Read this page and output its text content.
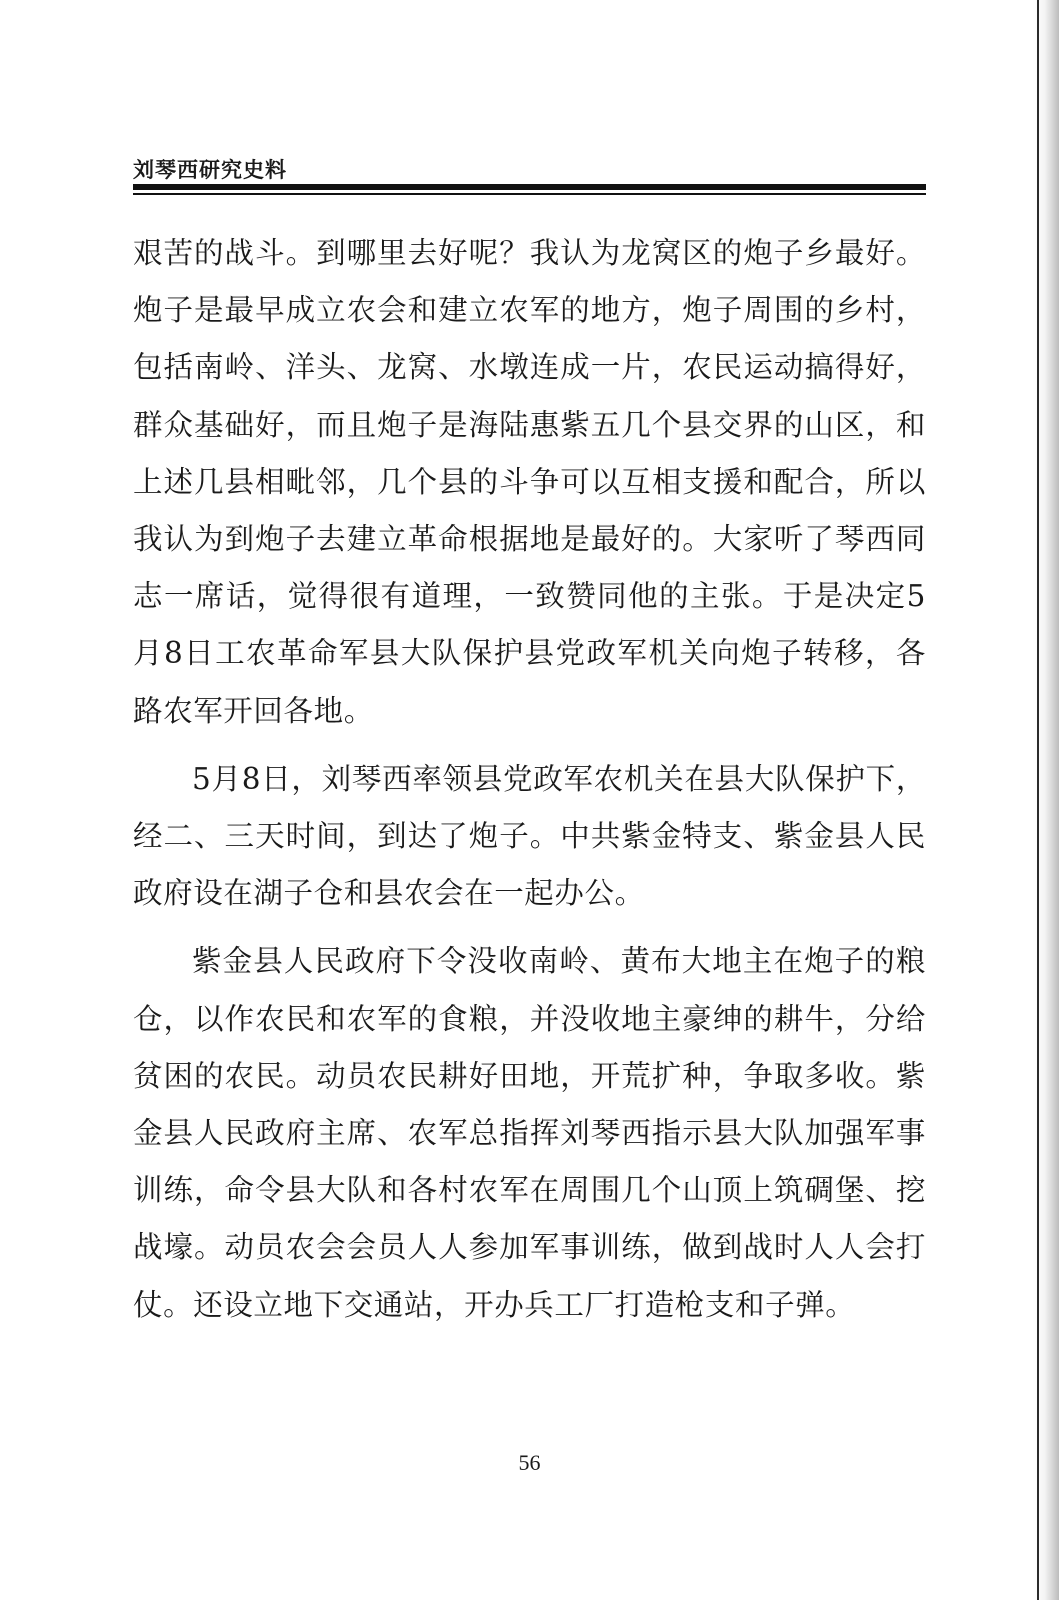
刘琴西研究史料

艰苦的战斗。到哪里去好呢？我认为龙窝区的炮子乡最好。炮子是最早成立农会和建立农军的地方，炮子周围的乡村，包括南岭、洋头、龙窝、水墩连成一片，农民运动搞得好，群众基础好，而且炮子是海陆惠紫五几个县交界的山区，和上述几县相毗邻，几个县的斗争可以互相支援和配合，所以我认为到炮子去建立革命根据地是最好的。大家听了琴西同志一席话，觉得很有道理，一致赞同他的主张。于是决定5月8日工农革命军县大队保护县党政军机关向炮子转移，各路农军开回各地。

5月8日，刘琴西率领县党政军农机关在县大队保护下，经二、三天时间，到达了炮子。中共紫金特支、紫金县人民政府设在湖子仓和县农会在一起办公。

紫金县人民政府下令没收南岭、黄布大地主在炮子的粮仓，以作农民和农军的食粮，并没收地主豪绅的耕牛，分给贫困的农民。动员农民耕好田地，开荒扩种，争取多收。紫金县人民政府主席、农军总指挥刘琴西指示县大队加强军事训练，命令县大队和各村农军在周围几个山顶上筑碉堡、挖战壕。动员农会会员人人参加军事训练，做到战时人人会打仗。还设立地下交通站，开办兵工厂打造枪支和子弹。

56
